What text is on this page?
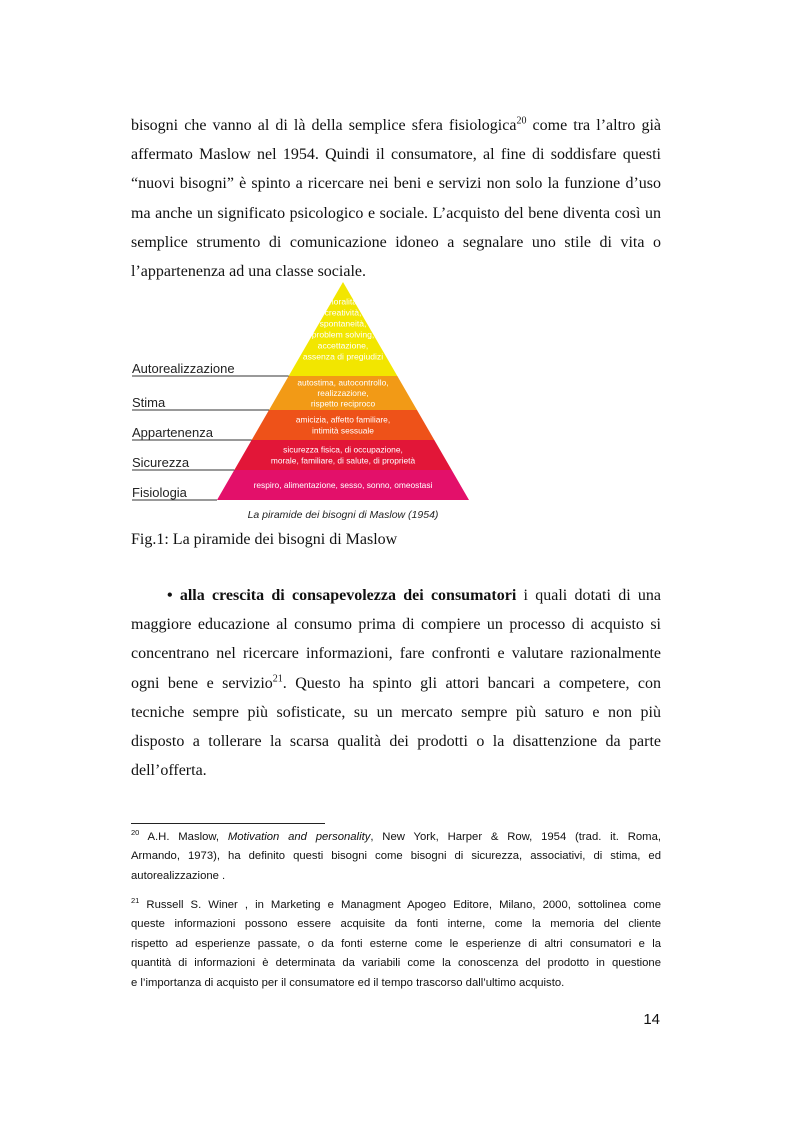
bisogni che vanno al di là della semplice sfera fisiologica$^{20}$ come tra l’altro già
affermato Maslow nel 1954. Quindi il consumatore, al fine di soddisfare questi
“nuovi bisogni” è spinto a ricercare nei beni e servizi non solo la funzione d’uso
ma anche un significato psicologico e sociale. L’acquisto del bene diventa così un
semplice strumento di comunicazione idoneo a segnalare uno stile di vita o
l’appartenenza ad una classe sociale.
Autorealizzazione
Stima
Appartenenza
Sicurezza
Fisiologia
moralità,
creatività,
spontaneità,
problem solving,
accettazione,
assenza di pregiudizi
autostima, autocontrollo,
realizzazione,
rispetto reciproco
amicizia, affetto familiare,
intimità sessuale
sicurezza fisica, di occupazione,
morale, familiare, di salute, di proprietà
respiro, alimentazione, sesso, sonno, omeostasi
La piramide dei bisogni di Maslow (1954)

Fig.1: La piramide dei bisogni di Maslow

• alla crescita di consapevolezza dei consumatori i quali dotati di una
maggiore educazione al consumo prima di compiere un processo di acquisto si
concentrano nel ricercare informazioni, fare confronti e valutare razionalmente
ogni bene e servizio$^{21}$. Questo ha spinto gli attori bancari a competere, con
tecniche sempre più sofisticate, su un mercato sempre più saturo e non più
disposto a tollerare la scarsa qualità dei prodotti o la disattenzione da parte
dell’offerta.
$^{20}$ A.H. Maslow, Motivation and personality, New York, Harper & Row, 1954 (trad. it. Roma,
Armando, 1973), ha definito questi bisogni come bisogni di sicurezza, associativi, di stima, ed
autorealizzazione .
$^{21}$ Russell S. Winer , in Marketing e Managment Apogeo Editore, Milano, 2000, sottolinea come
queste informazioni possono essere acquisite da fonti interne, come la memoria del cliente
rispetto ad esperienze passate, o da fonti esterne come le esperienze di altri consumatori e la
quantità di informazioni è determinata da variabili come la conoscenza del prodotto in questione
e l’importanza di acquisto per il consumatore ed il tempo trascorso dall’ultimo acquisto.
14
